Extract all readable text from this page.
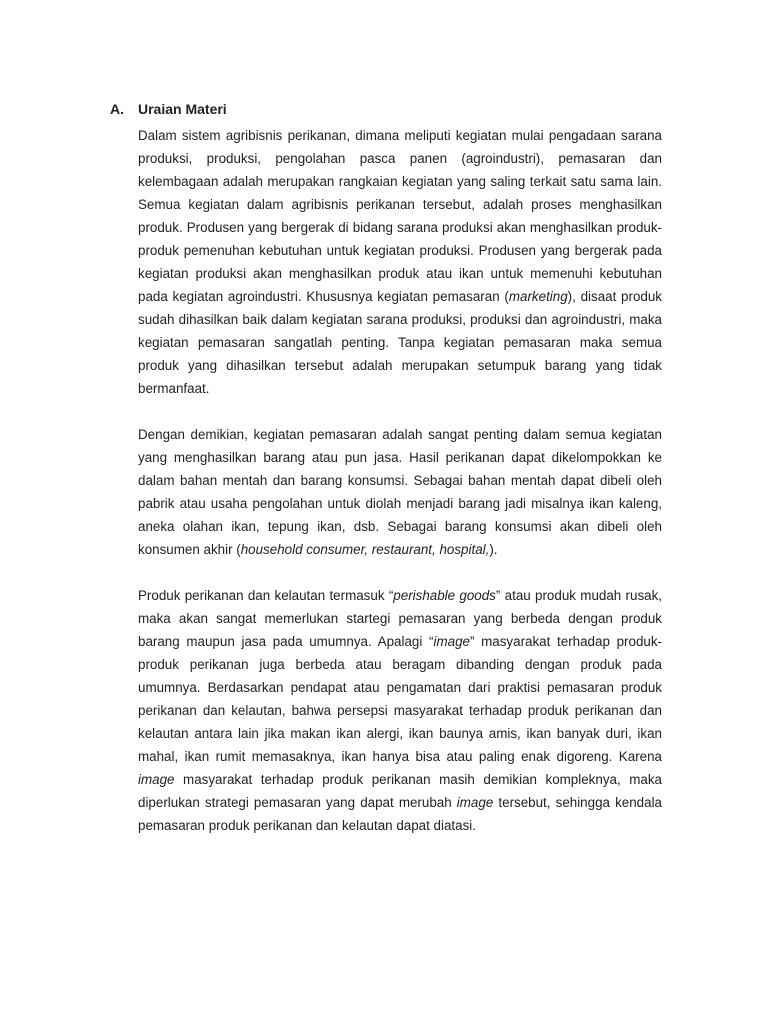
A. Uraian Materi

Dalam sistem agribisnis perikanan, dimana meliputi kegiatan mulai pengadaan sarana produksi, produksi, pengolahan pasca panen (agroindustri), pemasaran dan kelembagaan adalah merupakan rangkaian kegiatan yang saling terkait satu sama lain. Semua kegiatan dalam agribisnis perikanan tersebut, adalah proses menghasilkan produk. Produsen yang bergerak di bidang sarana produksi akan menghasilkan produk-produk pemenuhan kebutuhan untuk kegiatan produksi. Produsen yang bergerak pada kegiatan produksi akan menghasilkan produk atau ikan untuk memenuhi kebutuhan pada kegiatan agroindustri. Khususnya kegiatan pemasaran (marketing), disaat produk sudah dihasilkan baik dalam kegiatan sarana produksi, produksi dan agroindustri, maka kegiatan pemasaran sangatlah penting. Tanpa kegiatan pemasaran maka semua produk yang dihasilkan tersebut adalah merupakan setumpuk barang yang tidak bermanfaat.

Dengan demikian, kegiatan pemasaran adalah sangat penting dalam semua kegiatan yang menghasilkan barang atau pun jasa. Hasil perikanan dapat dikelompokkan ke dalam bahan mentah dan barang konsumsi. Sebagai bahan mentah dapat dibeli oleh pabrik atau usaha pengolahan untuk diolah menjadi barang jadi misalnya ikan kaleng, aneka olahan ikan, tepung ikan, dsb. Sebagai barang konsumsi akan dibeli oleh konsumen akhir (household consumer, restaurant, hospital,).

Produk perikanan dan kelautan termasuk “perishable goods” atau produk mudah rusak, maka akan sangat memerlukan startegi pemasaran yang berbeda dengan produk barang maupun jasa pada umumnya. Apalagi “image” masyarakat terhadap produk-produk perikanan juga berbeda atau beragam dibanding dengan produk pada umumnya. Berdasarkan pendapat atau pengamatan dari praktisi pemasaran produk perikanan dan kelautan, bahwa persepsi masyarakat terhadap produk perikanan dan kelautan antara lain jika makan ikan alergi, ikan baunya amis, ikan banyak duri, ikan mahal, ikan rumit memasaknya, ikan hanya bisa atau paling enak digoreng. Karena image masyarakat terhadap produk perikanan masih demikian kompleknya, maka diperlukan strategi pemasaran yang dapat merubah image tersebut, sehingga kendala pemasaran produk perikanan dan kelautan dapat diatasi.
